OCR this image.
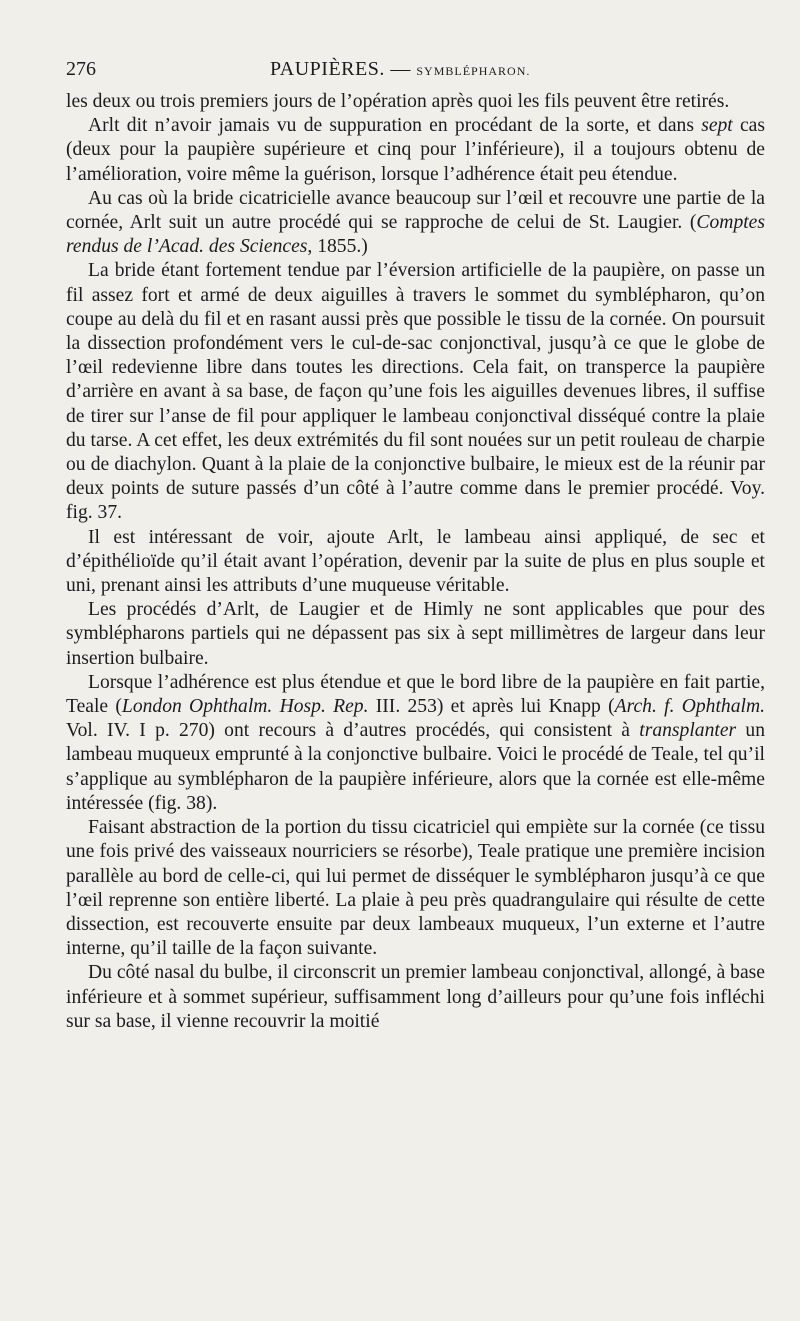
276	PAUPIÈRES. — SYMBLÉPHARON.

les deux ou trois premiers jours de l’opération après quoi les fils peuvent être retirés.

Arlt dit n’avoir jamais vu de suppuration en procédant de la sorte, et dans sept cas (deux pour la paupière supérieure et cinq pour l’inférieure), il a toujours obtenu de l’amélioration, voire même la guérison, lorsque l’adhérence était peu étendue.

Au cas où la bride cicatricielle avance beaucoup sur l’œil et recouvre une partie de la cornée, Arlt suit un autre procédé qui se rapproche de celui de St. Laugier. (Comptes rendus de l’Acad. des Sciences, 1855.)

La bride étant fortement tendue par l’éversion artificielle de la paupière, on passe un fil assez fort et armé de deux aiguilles à travers le sommet du symblépharon, qu’on coupe au delà du fil et en rasant aussi près que possible le tissu de la cornée. On poursuit la dissection profondément vers le cul-de-sac conjonctival, jusqu’à ce que le globe de l’œil redevienne libre dans toutes les directions. Cela fait, on transperce la paupière d’arrière en avant à sa base, de façon qu’une fois les aiguilles devenues libres, il suffise de tirer sur l’anse de fil pour appliquer le lambeau conjonctival disséqué contre la plaie du tarse. A cet effet, les deux extrémités du fil sont nouées sur un petit rouleau de charpie ou de diachylon. Quant à la plaie de la conjonctive bulbaire, le mieux est de la réunir par deux points de suture passés d’un côté à l’autre comme dans le premier procédé. Voy. fig. 37.

Il est intéressant de voir, ajoute Arlt, le lambeau ainsi appliqué, de sec et d’épithélioïde qu’il était avant l’opération, devenir par la suite de plus en plus souple et uni, prenant ainsi les attributs d’une muqueuse véritable.

Les procédés d’Arlt, de Laugier et de Himly ne sont applicables que pour des symblépharons partiels qui ne dépassent pas six à sept millimètres de largeur dans leur insertion bulbaire.

Lorsque l’adhérence est plus étendue et que le bord libre de la paupière en fait partie, Teale (London Ophthalm. Hosp. Rep. III. 253) et après lui Knapp (Arch. f. Ophthalm. Vol. IV. I p. 270) ont recours à d’autres procédés, qui consistent à transplanter un lambeau muqueux emprunté à la conjonctive bulbaire. Voici le procédé de Teale, tel qu’il s’applique au symblépharon de la paupière inférieure, alors que la cornée est elle-même intéressée (fig. 38).

Faisant abstraction de la portion du tissu cicatriciel qui empiète sur la cornée (ce tissu une fois privé des vaisseaux nourriciers se résorbe), Teale pratique une première incision parallèle au bord de celle-ci, qui lui permet de disséquer le symblépharon jusqu’à ce que l’œil reprenne son entière liberté. La plaie à peu près quadrangulaire qui résulte de cette dissection, est recouverte ensuite par deux lambeaux muqueux, l’un externe et l’autre interne, qu’il taille de la façon suivante.

Du côté nasal du bulbe, il circonscrit un premier lambeau conjonctival, allongé, à base inférieure et à sommet supérieur, suffisamment long d’ailleurs pour qu’une fois infléchi sur sa base, il vienne recouvrir la moitié
